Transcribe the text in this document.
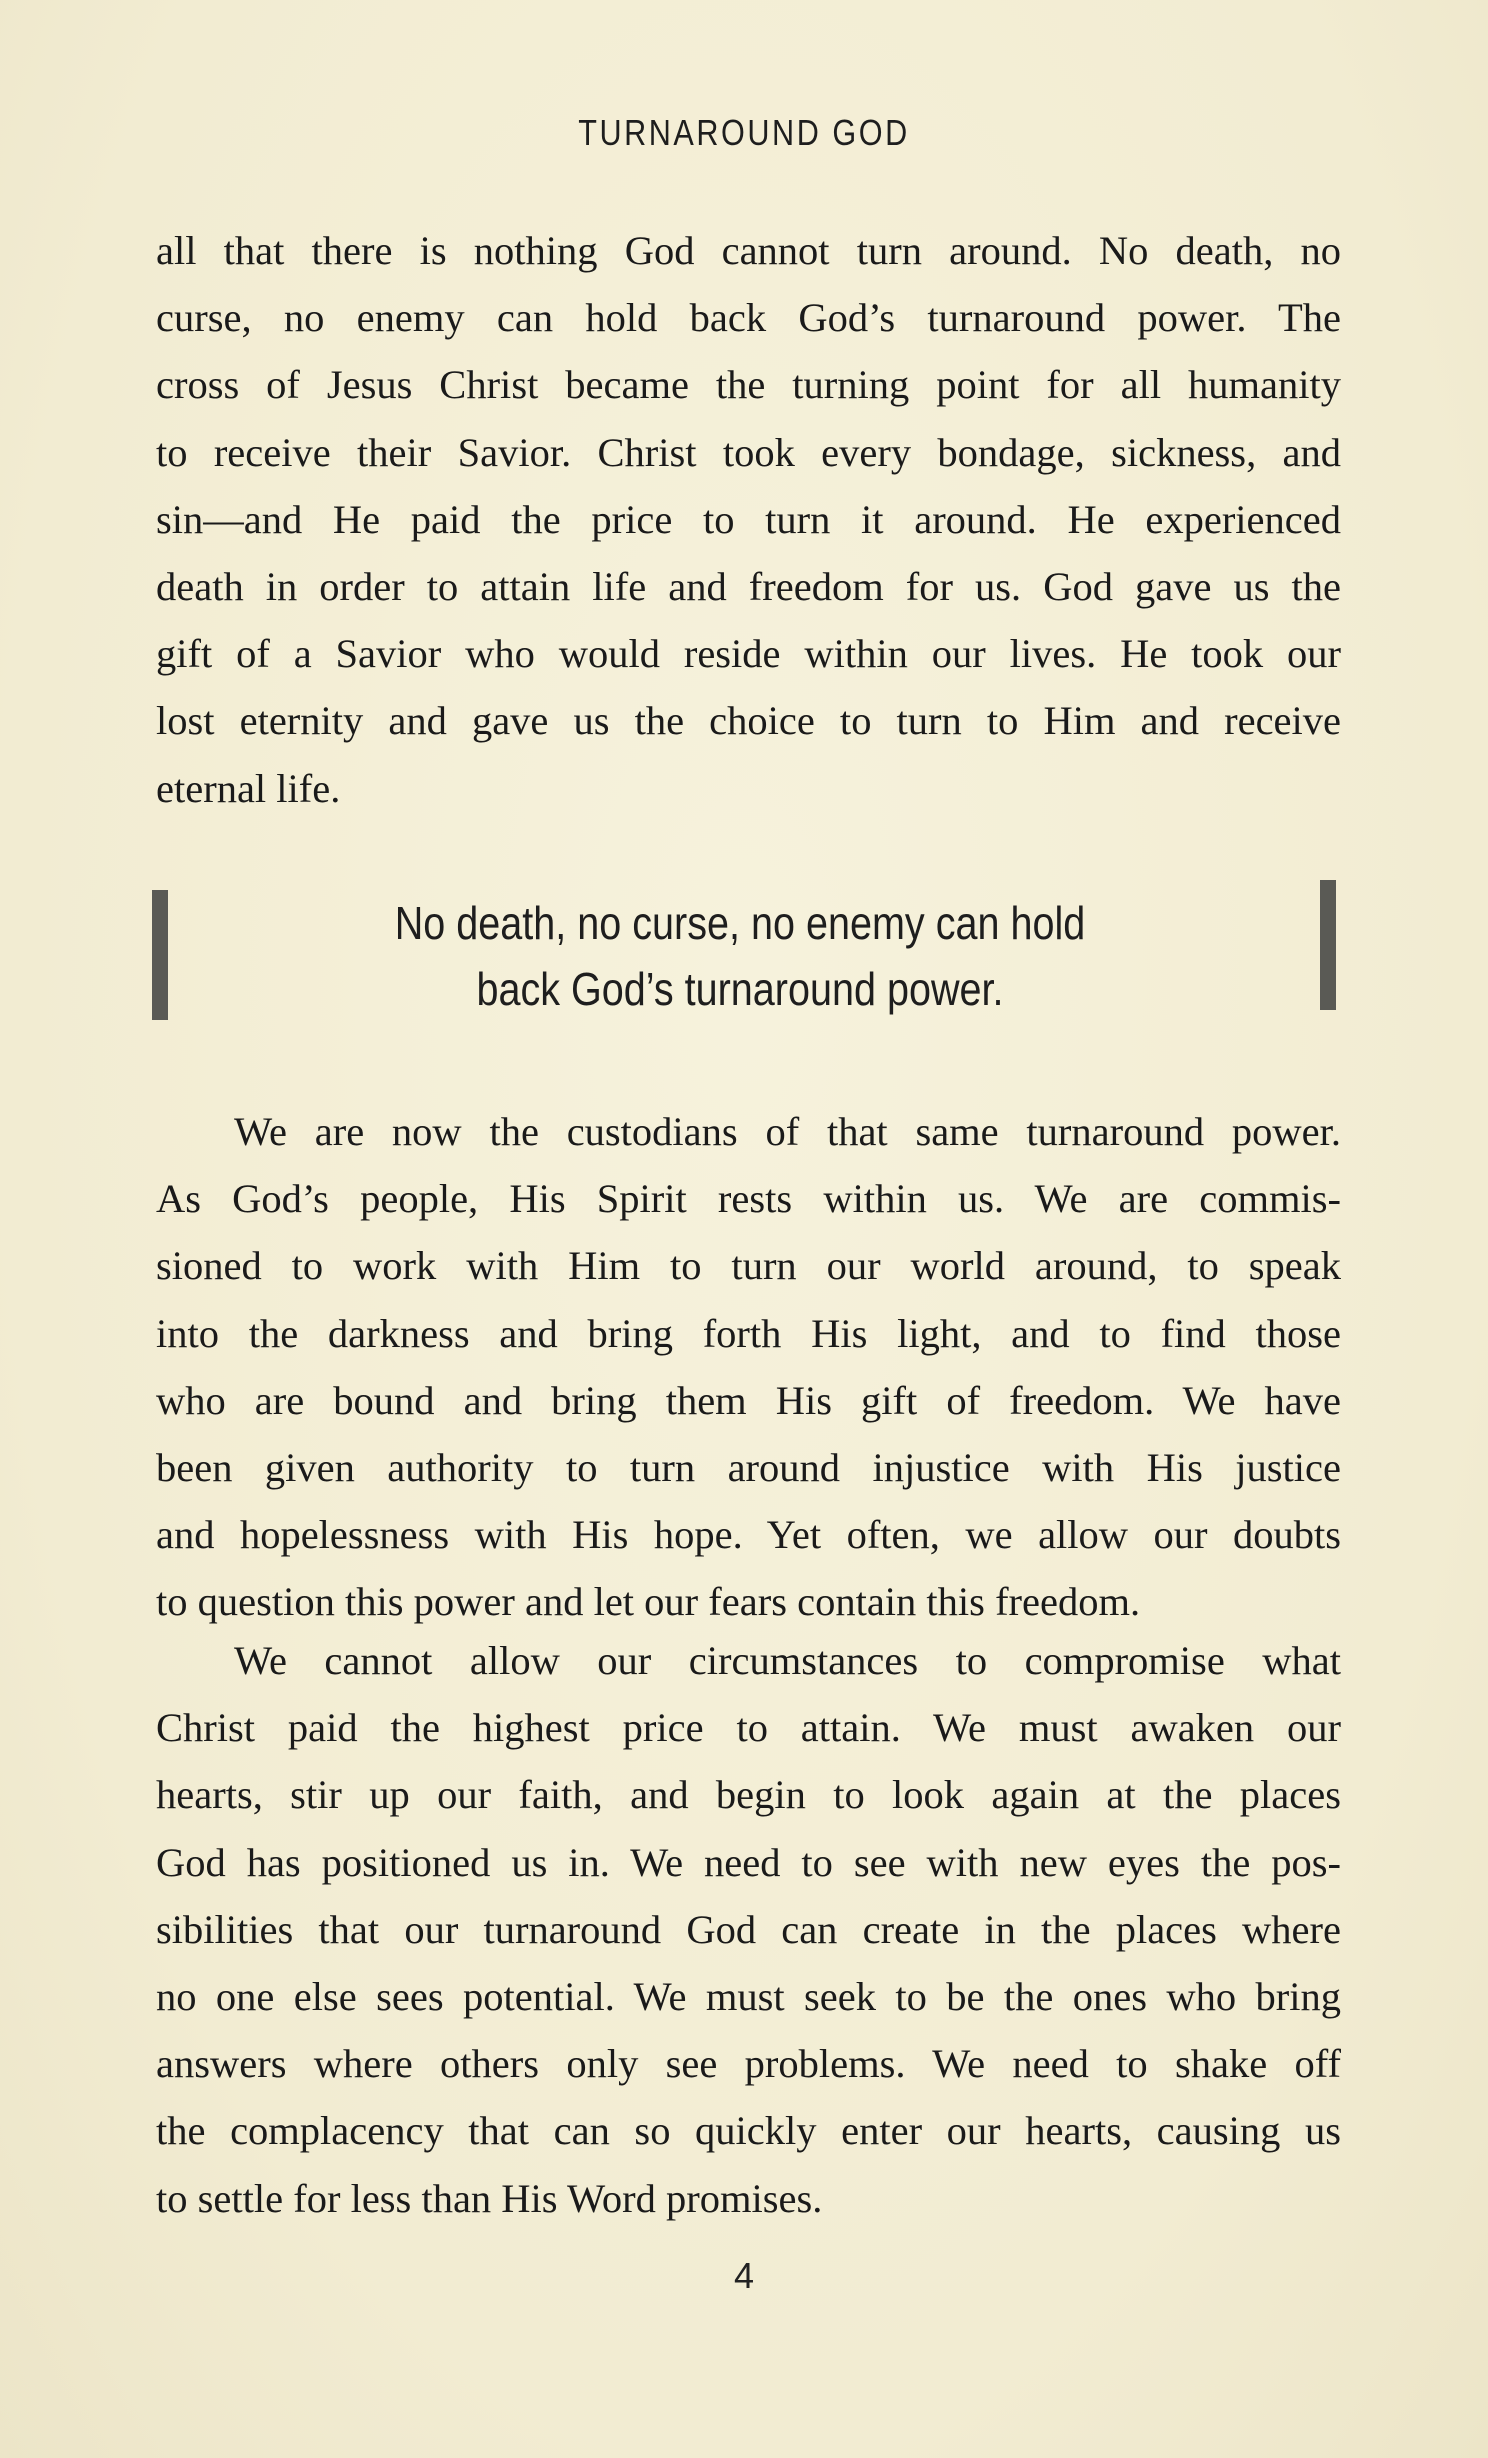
TURNAROUND GOD
all that there is nothing God cannot turn around. No death, no
curse, no enemy can hold back God’s turnaround power. The
cross of Jesus Christ became the turning point for all humanity
to receive their Savior. Christ took every bondage, sickness, and
sin—and He paid the price to turn it around. He experienced
death in order to attain life and freedom for us. God gave us the
gift of a Savior who would reside within our lives. He took our
lost eternity and gave us the choice to turn to Him and receive
eternal life.
No death, no curse, no enemy can hold
back God’s turnaround power.
We are now the custodians of that same turnaround power.
As God’s people, His Spirit rests within us. We are commis-
sioned to work with Him to turn our world around, to speak
into the darkness and bring forth His light, and to find those
who are bound and bring them His gift of freedom. We have
been given authority to turn around injustice with His justice
and hopelessness with His hope. Yet often, we allow our doubts
to question this power and let our fears contain this freedom.
We cannot allow our circumstances to compromise what
Christ paid the highest price to attain. We must awaken our
hearts, stir up our faith, and begin to look again at the places
God has positioned us in. We need to see with new eyes the pos-
sibilities that our turnaround God can create in the places where
no one else sees potential. We must seek to be the ones who bring
answers where others only see problems. We need to shake off
the complacency that can so quickly enter our hearts, causing us
to settle for less than His Word promises.
4
